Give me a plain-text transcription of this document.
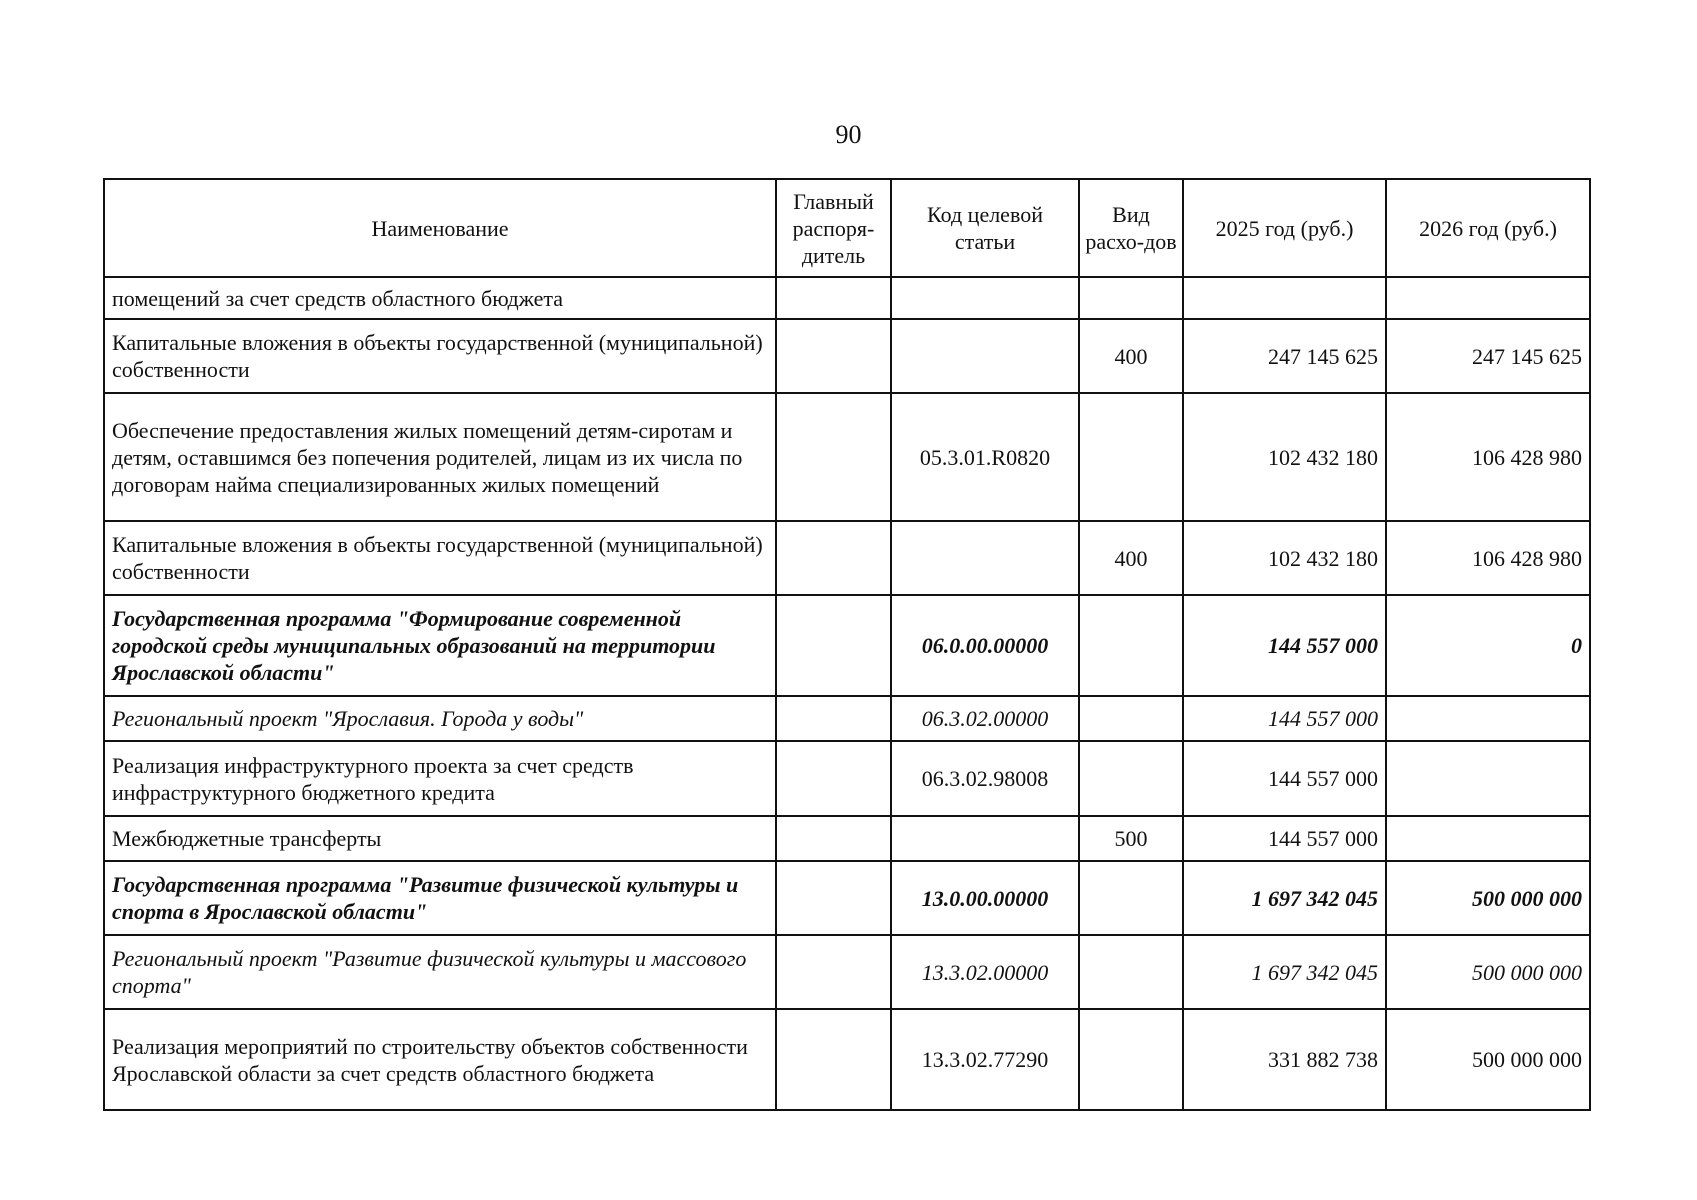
90
Наименование	Главный распоря-дитель	Код целевой статьи	Вид расхо-дов	2025 год (руб.)	2026 год (руб.)
помещений за счет средств областного бюджета					
Капитальные вложения в объекты государственной (муниципальной) собственности			400	247 145 625	247 145 625
Обеспечение предоставления жилых помещений детям-сиротам и детям, оставшимся без попечения родителей, лицам из их числа по договорам найма специализированных жилых помещений		05.3.01.R0820		102 432 180	106 428 980
Капитальные вложения в объекты государственной (муниципальной) собственности			400	102 432 180	106 428 980
Государственная программа "Формирование современной городской среды муниципальных образований на территории Ярославской области"		06.0.00.00000		144 557 000	0
Региональный проект "Ярославия. Города у воды"		06.3.02.00000		144 557 000	
Реализация инфраструктурного проекта за счет средств инфраструктурного бюджетного кредита		06.3.02.98008		144 557 000	
Межбюджетные трансферты			500	144 557 000	
Государственная программа "Развитие физической культуры и спорта в Ярославской области"		13.0.00.00000		1 697 342 045	500 000 000
Региональный проект "Развитие физической культуры и массового спорта"		13.3.02.00000		1 697 342 045	500 000 000
Реализация мероприятий по строительству объектов собственности Ярославской области за счет средств областного бюджета		13.3.02.77290		331 882 738	500 000 000
